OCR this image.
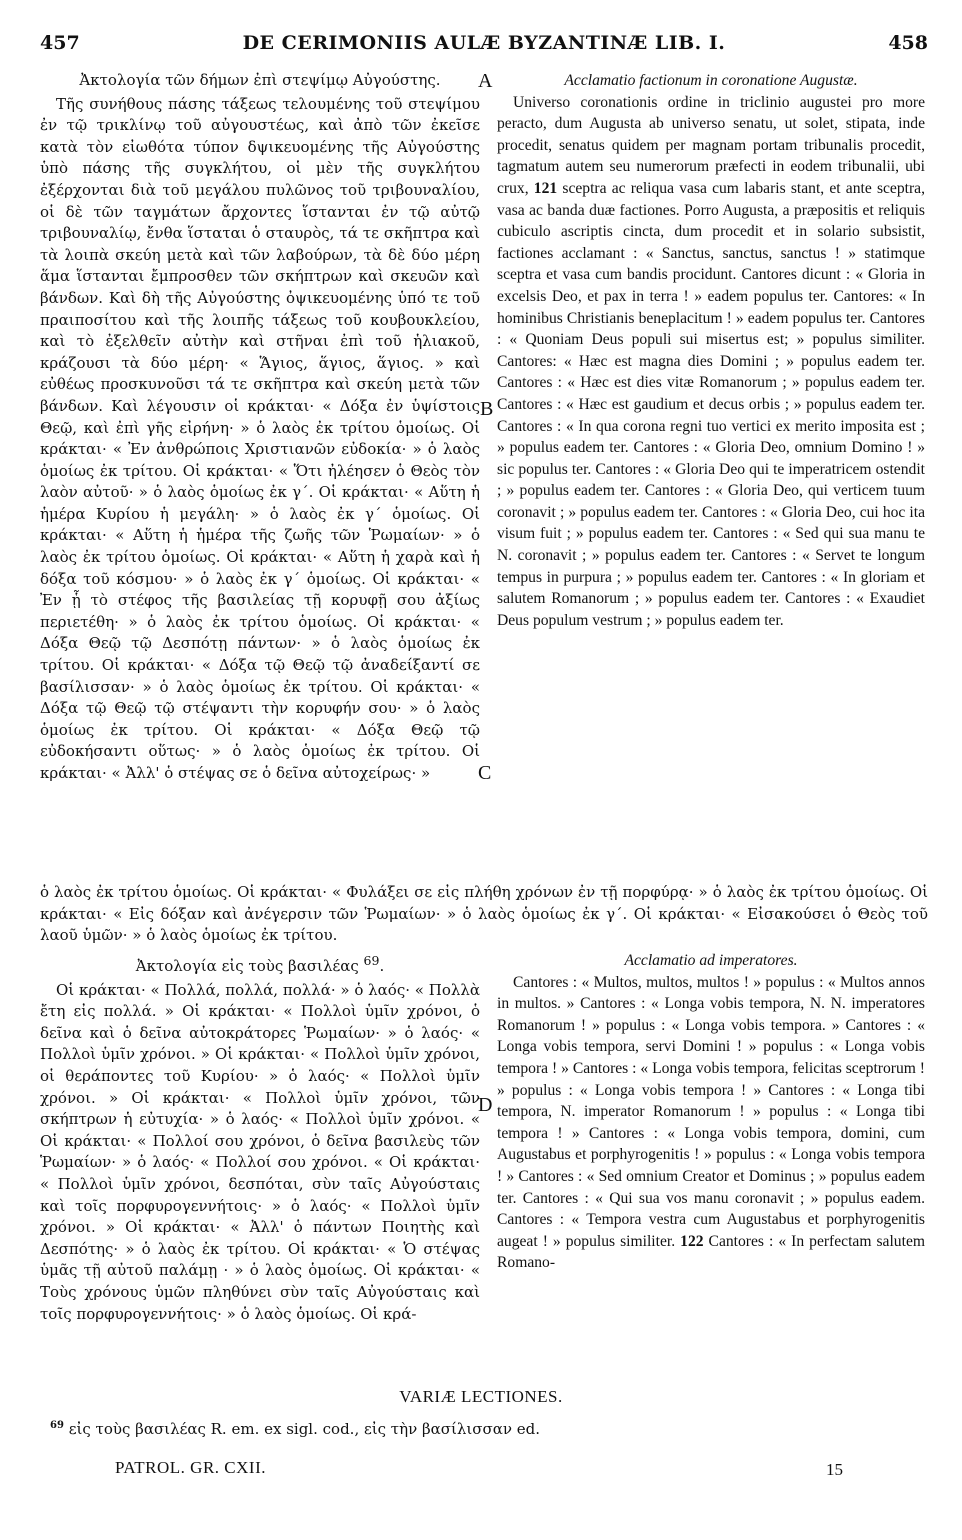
457	DE CERIMONIIS AULÆ BYZANTINÆ LIB. I.	458

Ἀκτολογία τῶν δήμων ἐπὶ στεψίμῳ Αὐγούστης.

Τῆς συνήθους πάσης τάξεως τελουμένης τοῦ στεψίμου ἐν τῷ τρικλίνῳ τοῦ αὐγουστέως, καὶ ἀπὸ τῶν ἐκεῖσε κατὰ τὸν εἰωθότα τύπον δψικευομένης τῆς Αὐγούστης ὑπὸ πάσης τῆς συγκλήτου, οἱ μὲν τῆς συγκλήτου ἐξέρχονται διὰ τοῦ μεγάλου πυλῶνος τοῦ τριβουναλίου, οἱ δὲ τῶν ταγμάτων ἄρχοντες ἵστανται ἐν τῷ αὐτῷ τριβουναλίῳ, ἔνθα ἵσταται ὁ σταυρὸς, τά τε σκῆπτρα καὶ τὰ λοιπὰ σκεύη μετὰ καὶ τῶν λαβούρων, τὰ δὲ δύο μέρη ἅμα ἵστανται ἔμπροσθεν τῶν σκήπτρων καὶ σκευῶν καὶ βάνδων. Καὶ δὴ τῆς Αὐγούστης ὀψικευομένης ὑπό τε τοῦ πραιποσίτου καὶ τῆς λοιπῆς τάξεως τοῦ κουβουκλείου, καὶ τὸ ἐξελθεῖν αὐτὴν καὶ στῆναι ἐπὶ τοῦ ἡλιακοῦ, κράζουσι τὰ δύο μέρη· « Ἅγιος, ἅγιος, ἅγιος. » καὶ εὐθέως προσκυνοῦσι τά τε σκῆπτρα καὶ σκεύη μετὰ τῶν βάνδων. Καὶ λέγουσιν οἱ κράκται· « Δόξα ἐν ὑψίστοις Θεῷ, καὶ ἐπὶ γῆς εἰρήνη· » ὁ λαὸς ἐκ τρίτου ὁμοίως. Οἱ κράκται· « Ἐν ἀνθρώποις Χριστιανῶν εὐδοκία· » ὁ λαὸς ὁμοίως ἐκ τρίτου. Οἱ κράκται· « Ὅτι ἠλέησεν ὁ Θεὸς τὸν λαὸν αὐτοῦ· » ὁ λαὸς ὁμοίως ἐκ γ΄. Οἱ κράκται· « Αὕτη ἡ ἡμέρα Κυρίου ἡ μεγάλη· » ὁ λαὸς ἐκ γ΄ ὁμοίως. Οἱ κράκται· « Αὕτη ἡ ἡμέρα τῆς ζωῆς τῶν Ῥωμαίων· » ὁ λαὸς ἐκ τρίτου ὁμοίως. Οἱ κράκται· « Αὕτη ἡ χαρὰ καὶ ἡ δόξα τοῦ κόσμου· » ὁ λαὸς ἐκ γ΄ ὁμοίως. Οἱ κράκται· « Ἐν ᾗ τὸ στέφος τῆς βασιλείας τῇ κορυφῇ σου ἀξίως περιετέθη· » ὁ λαὸς ἐκ τρίτου ὁμοίως. Οἱ κράκται· « Δόξα Θεῷ τῷ Δεσπότῃ πάντων· » ὁ λαὸς ὁμοίως ἐκ τρίτου. Οἱ κράκται· « Δόξα τῷ Θεῷ τῷ ἀναδείξαντί σε βασίλισσαν· » ὁ λαὸς ὁμοίως ἐκ τρίτου. Οἱ κράκται· « Δόξα τῷ Θεῷ τῷ στέψαντι τὴν κορυφήν σου· » ὁ λαὸς ὁμοίως ἐκ τρίτου. Οἱ κράκται· « Δόξα Θεῷ τῷ εὐδοκήσαντι οὕτως· » ὁ λαὸς ὁμοίως ἐκ τρίτου. Οἱ κράκται· « Ἀλλ' ὁ στέψας σε ὁ δεῖνα αὐτοχείρως· »

Acclamatio factionum in coronatione Augustæ.

Universo coronationis ordine in triclinio augustei pro more peracto, dum Augusta ab universo senatu, ut solet, stipata, inde procedit, senatus quidem per magnam portam tribunalis procedit, tagmatum autem seu numerorum præfecti in eodem tribunalii, ubi crux, 121 sceptra ac reliqua vasa cum labaris stant, et ante sceptra, vasa ac banda duæ factiones. Porro Augusta, a præpositis et reliquis cubiculo ascriptis cincta, dum procedit et in solario subsistit, factiones acclamant : « Sanctus, sanctus, sanctus ! » statimque sceptra et vasa cum bandis procidunt. Cantores dicunt : « Gloria in excelsis Deo, et pax in terra ! » eadem populus ter. Cantores: « In hominibus Christianis beneplacitum ! » eadem populus ter. Cantores : « Quoniam Deus populi sui misertus est; » populus similiter. Cantores: « Hæc est magna dies Domini ; » populus eadem ter. Cantores : « Hæc est dies vitæ Romanorum ; » populus eadem ter. Cantores : « Hæc est gaudium et decus orbis ; » populus eadem ter. Cantores : « In qua corona regni tuo vertici ex merito imposita est ; » populus eadem ter. Cantores : « Gloria Deo, omnium Domino ! » sic populus ter. Cantores : « Gloria Deo qui te imperatricem ostendit ; » populus eadem ter. Cantores : « Gloria Deo, qui verticem tuum coronavit ; » populus eadem ter. Cantores : « Gloria Deo, cui hoc ita visum fuit ; » populus eadem ter. Cantores : « Sed qui sua manu te N. coronavit ; » populus eadem ter. Cantores : « Servet te longum tempus in purpura ; » populus eadem ter. Cantores : « In gloriam et salutem Romanorum ; » populus eadem ter. Cantores : « Exaudiet Deus populum vestrum ; » populus eadem ter.

ὁ λαὸς ἐκ τρίτου ὁμοίως. Οἱ κράκται· « Φυλάξει σε εἰς πλήθη χρόνων ἐν τῇ πορφύρᾳ· » ὁ λαὸς ἐκ τρίτου ὁμοίως. Οἱ κράκται· « Εἰς δόξαν καὶ ἀνέγερσιν τῶν Ῥωμαίων· » ὁ λαὸς ὁμοίως ἐκ γ΄. Οἱ κράκται· « Εἰσακούσει ὁ Θεὸς τοῦ λαοῦ ὑμῶν· » ὁ λαὸς ὁμοίως ἐκ τρίτου.

Ἀκτολογία εἰς τοὺς βασιλέας $^{69}$.

Οἱ κράκται· « Πολλά, πολλά, πολλά· » ὁ λαός· « Πολλὰ ἔτη εἰς πολλά. » Οἱ κράκται· « Πολλοὶ ὑμῖν χρόνοι, ὁ δεῖνα καὶ ὁ δεῖνα αὐτοκράτορες Ῥωμαίων· » ὁ λαός· « Πολλοὶ ὑμῖν χρόνοι. » Οἱ κράκται· « Πολλοὶ ὑμῖν χρόνοι, οἱ θεράποντες τοῦ Κυρίου· » ὁ λαός· « Πολλοὶ ὑμῖν χρόνοι. » Οἱ κράκται· « Πολλοὶ ὑμῖν χρόνοι, τῶν σκήπτρων ἡ εὐτυχία· » ὁ λαός· « Πολλοὶ ὑμῖν χρόνοι. « Οἱ κράκται· « Πολλοί σου χρόνοι, ὁ δεῖνα βασιλεὺς τῶν Ῥωμαίων· » ὁ λαός· « Πολλοί σου χρόνοι. « Οἱ κράκται· « Πολλοὶ ὑμῖν χρόνοι, δεσπόται, σὺν ταῖς Αὐγούσταις καὶ τοῖς πορφυρογεννήτοις· » ὁ λαός· « Πολλοὶ ὑμῖν χρόνοι. » Οἱ κράκται· « Ἀλλ' ὁ πάντων Ποιητὴς καὶ Δεσπότης· » ὁ λαὸς ἐκ τρίτου. Οἱ κράκται· « Ὁ στέψας ὑμᾶς τῇ αὐτοῦ παλάμῃ · » ὁ λαὸς ὁμοίως. Οἱ κράκται· « Τοὺς χρόνους ὑμῶν πληθύνει σὺν ταῖς Αὐγούσταις καὶ τοῖς πορφυρογεννήτοις· » ὁ λαὸς ὁμοίως. Οἱ κρά-

Acclamatio ad imperatores.

Cantores : « Multos, multos, multos ! » populus : « Multos annos in multos. » Cantores : « Longa vobis tempora, N. N. imperatores Romanorum ! » populus : « Longa vobis tempora. » Cantores : « Longa vobis tempora, servi Domini ! » populus : « Longa vobis tempora ! » Cantores : « Longa vobis tempora, felicitas sceptrorum ! » populus : « Longa vobis tempora ! » Cantores : « Longa tibi tempora, N. imperator Romanorum ! » populus : « Longa tibi tempora ! » Cantores : « Longa vobis tempora, domini, cum Augustabus et porphyrogenitis ! » populus : « Longa vobis tempora ! » Cantores : « Sed omnium Creator et Dominus ; » populus eadem ter. Cantores : « Qui sua vos manu coronavit ; » populus eadem. Cantores : « Tempora vestra cum Augustabus et porphyrogenitis augeat ! » populus similiter. 122 Cantores : « In perfectam salutem Romano-

A
B
C
D
VARIÆ LECTIONES.
$^{69}$ εἰς τοὺς βασιλέας R. em. ex sigl. cod., εἰς τὴν βασίλισσαν ed.
PATROL. GR. CXII.	15
